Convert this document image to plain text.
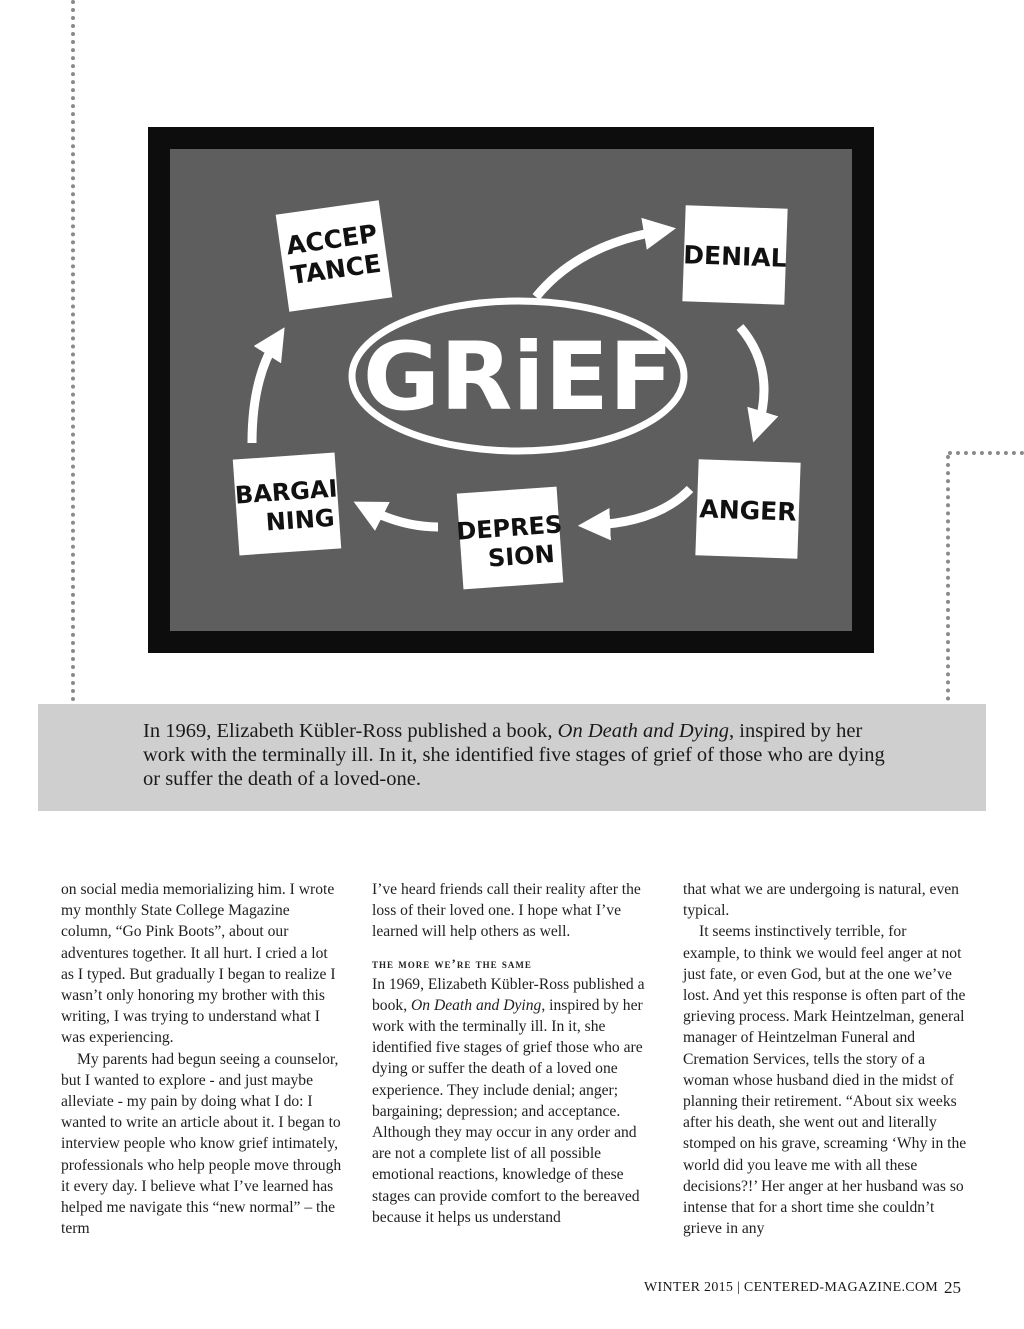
GRiEF
ACCEP
TANCE	DENIAL
ANGER
DEPRES
SION
BARGAI
NING
In 1969, Elizabeth Kübler-Ross published a book, On Death and Dying, inspired by her work with the terminally ill. In it, she identified five stages of grief of those who are dying or suffer the death of a loved-one.

on social media memorializing him. I wrote my monthly State College Magazine column, “Go Pink Boots”, about our adventures together. It all hurt. I cried a lot as I typed. But gradually I began to realize I wasn’t only honoring my brother with this writing, I was trying to understand what I was experiencing.

My parents had begun seeing a counselor, but I wanted to explore - and just maybe alleviate - my pain by doing what I do: I wanted to write an article about it. I began to interview people who know grief intimately, professionals who help people move through it every day. I believe what I’ve learned has helped me navigate this “new normal” – the term

I’ve heard friends call their reality after the loss of their loved one. I hope what I’ve learned will help others as well.

the more we’re the same

In 1969, Elizabeth Kübler-Ross published a book, On Death and Dying, inspired by her work with the terminally ill. In it, she identified five stages of grief those who are dying or suffer the death of a loved one experience. They include denial; anger; bargaining; depression; and acceptance. Although they may occur in any order and are not a complete list of all possible emotional reactions, knowledge of these stages can provide comfort to the bereaved because it helps us understand

that what we are undergoing is natural, even typical.

It seems instinctively terrible, for example, to think we would feel anger at not just fate, or even God, but at the one we’ve lost. And yet this response is often part of the grieving process. Mark Heintzelman, general manager of Heintzelman Funeral and Cremation Services, tells the story of a woman whose husband died in the midst of planning their retirement. “About six weeks after his death, she went out and literally stomped on his grave, screaming ‘Why in the world did you leave me with all these decisions?!’ Her anger at her husband was so intense that for a short time she couldn’t grieve in any

WINTER 2015 | CENTERED-MAGAZINE.COM 25
